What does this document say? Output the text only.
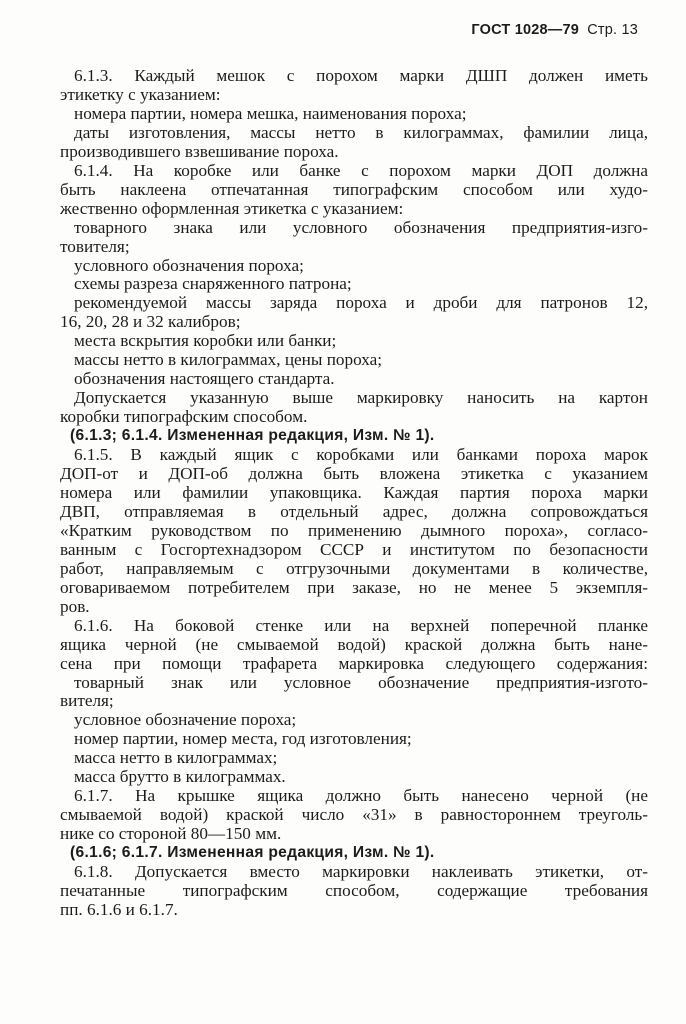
ГОСТ 1028—79 Стр. 13
6.1.3. Каждый мешок с порохом марки ДШП должен иметь
этикетку с указанием:
номера партии, номера мешка, наименования пороха;
даты изготовления, массы нетто в килограммах, фамилии лица,
производившего взвешивание пороха.
6.1.4. На коробке или банке с порохом марки ДОП должна
быть наклеена отпечатанная типографским способом или худо-
жественно оформленная этикетка с указанием:
товарного знака или условного обозначения предприятия-изго-
товителя;
условного обозначения пороха;
схемы разреза снаряженного патрона;
рекомендуемой массы заряда пороха и дроби для патронов 12,
16, 20, 28 и 32 калибров;
места вскрытия коробки или банки;
массы нетто в килограммах, цены пороха;
обозначения настоящего стандарта.
Допускается указанную выше маркировку наносить на картон
коробки типографским способом.
(6.1.3; 6.1.4. Измененная редакция, Изм. № 1).
6.1.5. В каждый ящик с коробками или банками пороха марок
ДОП-от и ДОП-об должна быть вложена этикетка с указанием
номера или фамилии упаковщика. Каждая партия пороха марки
ДВП, отправляемая в отдельный адрес, должна сопровождаться
«Кратким руководством по применению дымного пороха», согласо-
ванным с Госгортехнадзором СССР и институтом по безопасности
работ, направляемым с отгрузочными документами в количестве,
оговариваемом потребителем при заказе, но не менее 5 экземпля-
ров.
6.1.6. На боковой стенке или на верхней поперечной планке
ящика черной (не смываемой водой) краской должна быть нане-
сена при помощи трафарета маркировка следующего содержания:
товарный знак или условное обозначение предприятия-изгото-
вителя;
условное обозначение пороха;
номер партии, номер места, год изготовления;
масса нетто в килограммах;
масса брутто в килограммах.
6.1.7. На крышке ящика должно быть нанесено черной (не
смываемой водой) краской число «31» в равностороннем треуголь-
нике со стороной 80—150 мм.
(6.1.6; 6.1.7. Измененная редакция, Изм. № 1).
6.1.8. Допускается вместо маркировки наклеивать этикетки, от-
печатанные типографским способом, содержащие требования
пп. 6.1.6 и 6.1.7.
